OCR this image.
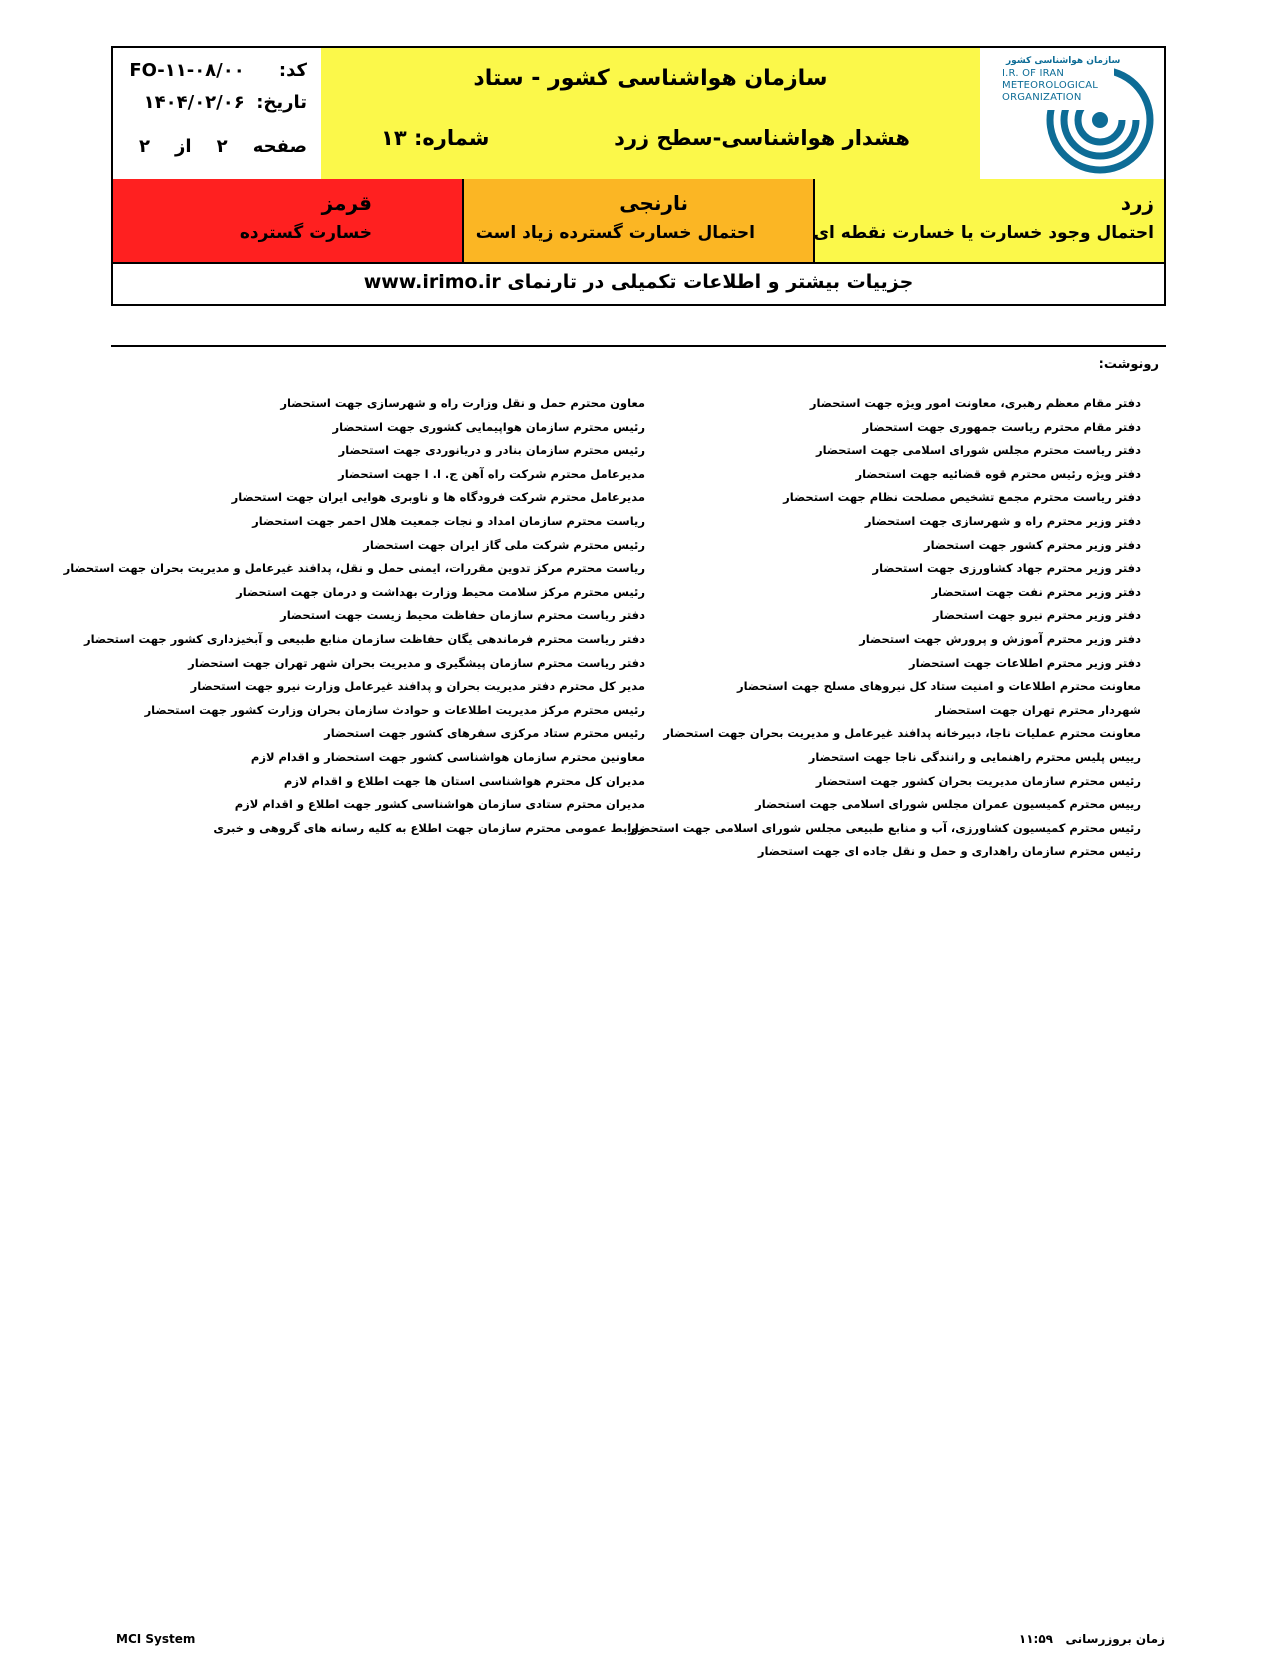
کد: FO-۱۱-۰۸/۰۰
تاریخ: ۱۴۰۴/۰۲/۰۶
صفحه    ۲    از    ۲
سازمان هواشناسی کشور - ستاد
هشدار هواشناسی-سطح زرد
شماره: ۱۳
سازمان هواشناسی کشور
I.R. OF IRAN
METEOROLOGICAL
ORGANIZATION
قرمز
خسارت گسترده
نارنجی
احتمال خسارت گسترده زیاد است
زرد
احتمال وجود خسارت یا خسارت نقطه ای
جزییات بیشتر و اطلاعات تکمیلی در تارنمای www.irimo.ir
رونوشت:
دفتر مقام معظم رهبری، معاونت امور ویژه جهت استحضار
دفتر مقام محترم ریاست جمهوری جهت استحضار
دفتر ریاست محترم مجلس شورای اسلامی جهت استحضار
دفتر ویژه رئیس محترم قوه قضائیه جهت استحضار
دفتر ریاست محترم مجمع تشخیص مصلحت نظام جهت استحضار
دفتر وزیر محترم راه و شهرسازی جهت استحضار
دفتر وزیر محترم کشور جهت استحضار
دفتر وزیر محترم جهاد کشاورزی جهت استحضار
دفتر وزیر محترم نفت جهت استحضار
دفتر وزیر محترم نیرو جهت استحضار
دفتر وزیر محترم آموزش و پرورش جهت استحضار
دفتر وزیر محترم اطلاعات جهت استحضار
معاونت محترم اطلاعات و امنیت ستاد کل نیروهای مسلح جهت استحضار
شهردار محترم تهران جهت استحضار
معاونت محترم عملیات ناجا، دبیرخانه پدافند غیرعامل و مدیریت بحران جهت استحضار
رییس پلیس محترم راهنمایی و رانندگی ناجا جهت استحضار
رئیس محترم سازمان مدیریت بحران کشور جهت استحضار
رییس محترم کمیسیون عمران مجلس شورای اسلامی جهت استحضار
رئیس محترم کمیسیون کشاورزی، آب و منابع طبیعی مجلس شورای اسلامی جهت استحضار
رئیس محترم سازمان راهداری و حمل و نقل جاده ای جهت استحضار
معاون محترم حمل و نقل وزارت راه و شهرسازی جهت استحضار
رئیس محترم سازمان هواپیمایی کشوری جهت استحضار
رئیس محترم سازمان بنادر و دریانوردی جهت استحضار
مدیرعامل محترم شرکت راه آهن ج. ا. ا جهت استحضار
مدیرعامل محترم شرکت فرودگاه ها و ناوبری هوایی ایران جهت استحضار
ریاست محترم سازمان امداد و نجات جمعیت هلال احمر جهت استحضار
رئیس محترم شرکت ملی گاز ایران جهت استحضار
ریاست محترم مرکز تدوین مقررات، ایمنی حمل و نقل، پدافند غیرعامل و مدیریت بحران جهت استحضار
رئیس محترم مرکز سلامت محیط وزارت بهداشت و درمان جهت استحضار
دفتر ریاست محترم سازمان حفاظت محیط زیست جهت استحضار
دفتر ریاست محترم فرماندهی یگان حفاظت سازمان منابع طبیعی و آبخیزداری کشور جهت استحضار
دفتر ریاست محترم سازمان پیشگیری و مدیریت بحران شهر تهران جهت استحضار
مدیر کل محترم دفتر مدیریت بحران و پدافند غیرعامل وزارت نیرو جهت استحضار
رئیس محترم مرکز مدیریت اطلاعات و حوادث سازمان بحران وزارت کشور جهت استحضار
رئیس محترم ستاد مرکزی سفرهای کشور جهت استحضار
معاونین محترم سازمان هواشناسی کشور جهت استحضار و اقدام لازم
مدیران کل محترم هواشناسی استان ها جهت اطلاع و اقدام لازم
مدیران محترم ستادی سازمان هواشناسی کشور جهت اطلاع و اقدام لازم
روابط عمومی محترم سازمان جهت اطلاع به کلیه رسانه های گروهی و خبری
MCI System	زمان بروزرسانی   ۱۱:۵۹
